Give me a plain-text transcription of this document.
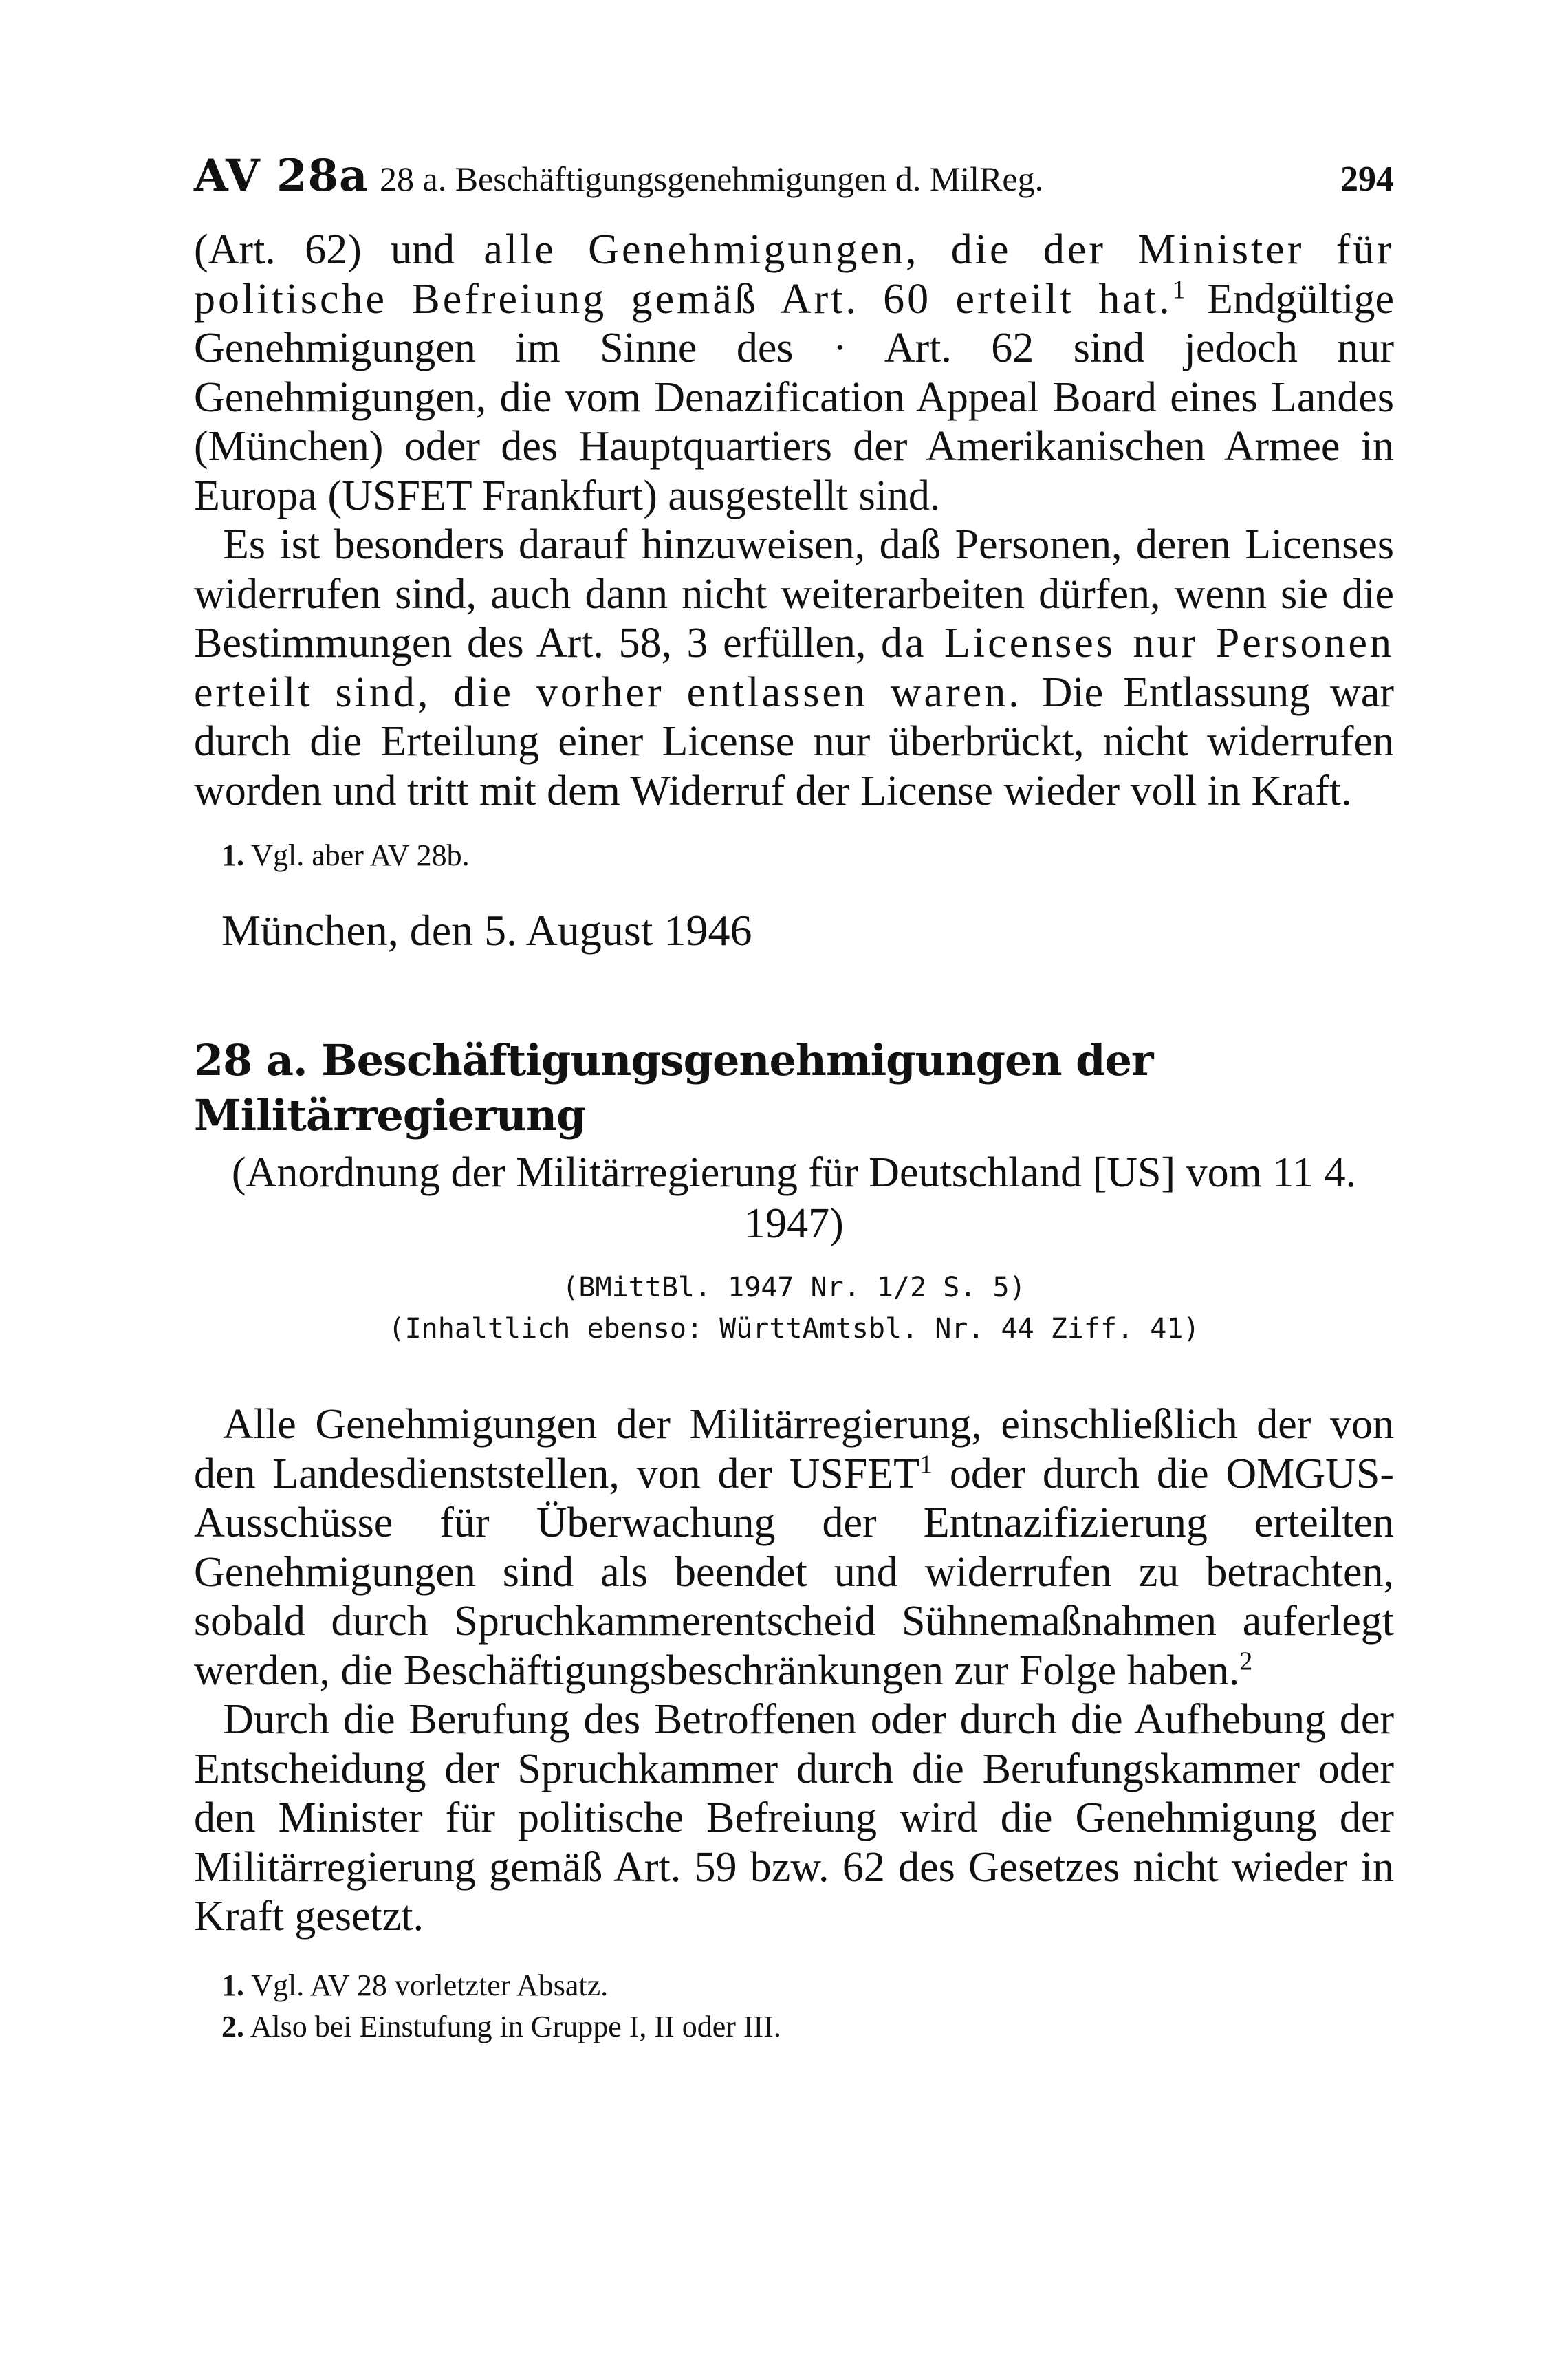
AV 28a 28 a. Beschäftigungsgenehmigungen d. MilReg.	294

(Art. 62) und alle Genehmigungen, die der Minister für politische Befreiung gemäß Art. 60 erteilt hat.$^1$ Endgültige Genehmigungen im Sinne des · Art. 62 sind jedoch nur Genehmigungen, die vom Denazification Appeal Board eines Landes (München) oder des Hauptquartiers der Amerikanischen Armee in Europa (USFET Frankfurt) ausgestellt sind.

Es ist besonders darauf hinzuweisen, daß Personen, deren Licenses widerrufen sind, auch dann nicht weiterarbeiten dürfen, wenn sie die Bestimmungen des Art. 58, 3 erfüllen, da Licenses nur Personen erteilt sind, die vorher entlassen waren. Die Entlassung war durch die Erteilung einer License nur überbrückt, nicht widerrufen worden und tritt mit dem Widerruf der License wieder voll in Kraft.

1. Vgl. aber AV 28b.

München, den 5. August 1946
28 a. Beschäftigungsgenehmigungen der Militärregierung

(Anordnung der Militärregierung für Deutschland [US] vom 11 4. 1947)

(BMittBl. 1947 Nr. 1/2 S. 5)

(Inhaltlich ebenso: WürttAmtsbl. Nr. 44 Ziff. 41)

Alle Genehmigungen der Militärregierung, einschließlich der von den Landesdienststellen, von der USFET$^1$ oder durch die OMGUS-Ausschüsse für Überwachung der Entnazifizierung erteilten Genehmigungen sind als beendet und widerrufen zu betrachten, sobald durch Spruchkammerentscheid Sühnemaßnahmen auferlegt werden, die Beschäftigungsbeschränkungen zur Folge haben.$^2$

Durch die Berufung des Betroffenen oder durch die Aufhebung der Entscheidung der Spruchkammer durch die Berufungskammer oder den Minister für politische Befreiung wird die Genehmigung der Militärregierung gemäß Art. 59 bzw. 62 des Gesetzes nicht wieder in Kraft gesetzt.

1. Vgl. AV 28 vorletzter Absatz.

2. Also bei Einstufung in Gruppe I, II oder III.
